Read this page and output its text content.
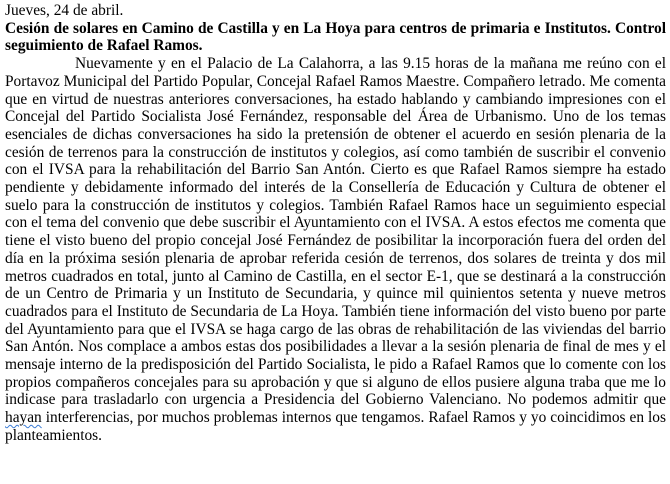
Jueves, 24 de abril.

Cesión de solares en Camino de Castilla y en La Hoya para centros de primaria e Institutos. Control seguimiento de Rafael Ramos.

Nuevamente y en el Palacio de La Calahorra, a las 9.15 horas de la mañana me reúno con el Portavoz Municipal del Partido Popular, Concejal Rafael Ramos Maestre. Compañero letrado. Me comenta que en virtud de nuestras anteriores conversaciones, ha estado hablando y cambiando impresiones con el Concejal del Partido Socialista José Fernández, responsable del Área de Urbanismo. Uno de los temas esenciales de dichas conversaciones ha sido la pretensión de obtener el acuerdo en sesión plenaria de la cesión de terrenos para la construcción de institutos y colegios, así como también de suscribir el convenio con el IVSA para la rehabilitación del Barrio San Antón. Cierto es que Rafael Ramos siempre ha estado pendiente y debidamente informado del interés de la Consellería de Educación y Cultura de obtener el suelo para la construcción de institutos y colegios. También Rafael Ramos hace un seguimiento especial con el tema del convenio que debe suscribir el Ayuntamiento con el IVSA. A estos efectos me comenta que tiene el visto bueno del propio concejal José Fernández de posibilitar la incorporación fuera del orden del día en la próxima sesión plenaria de aprobar referida cesión de terrenos, dos solares de treinta y dos mil metros cuadrados en total, junto al Camino de Castilla, en el sector E-1, que se destinará a la construcción de un Centro de Primaria y un Instituto de Secundaria, y quince mil quinientos setenta y nueve metros cuadrados para el Instituto de Secundaria de La Hoya. También tiene información del visto bueno por parte del Ayuntamiento para que el IVSA se haga cargo de las obras de rehabilitación de las viviendas del barrio San Antón. Nos complace a ambos estas dos posibilidades a llevar a la sesión plenaria de final de mes y el mensaje interno de la predisposición del Partido Socialista, le pido a Rafael Ramos que lo comente con los propios compañeros concejales para su aprobación y que si alguno de ellos pusiere alguna traba que me lo indicase para trasladarlo con urgencia a Presidencia del Gobierno Valenciano. No podemos admitir que hayan interferencias, por muchos problemas internos que tengamos. Rafael Ramos y yo coincidimos en los planteamientos.
